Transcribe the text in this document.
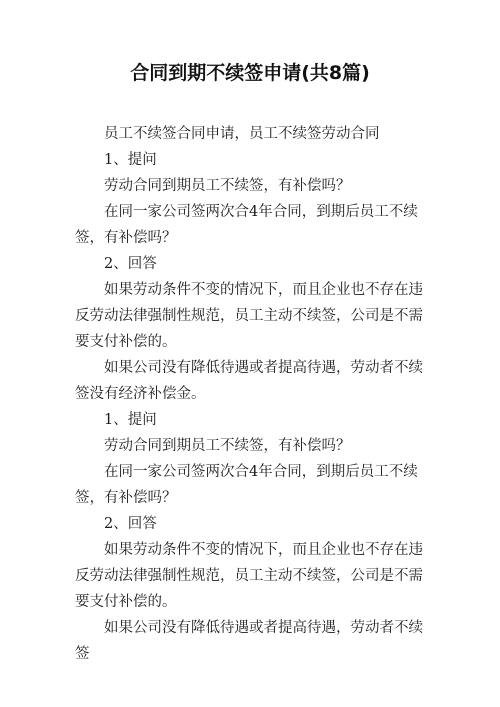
合同到期不续签申请(共8篇)

员工不续签合同申请，员工不续签劳动合同

1、提问

劳动合同到期员工不续签，有补偿吗？

在同一家公司签两次合4年合同，到期后员工不续签，有补偿吗？

2、回答

如果劳动条件不变的情况下，而且企业也不存在违反劳动法律强制性规范，员工主动不续签，公司是不需要支付补偿的。

如果公司没有降低待遇或者提高待遇，劳动者不续签没有经济补偿金。

1、提问

劳动合同到期员工不续签，有补偿吗？

在同一家公司签两次合4年合同，到期后员工不续签，有补偿吗？

2、回答

如果劳动条件不变的情况下，而且企业也不存在违反劳动法律强制性规范，员工主动不续签，公司是不需要支付补偿的。

如果公司没有降低待遇或者提高待遇，劳动者不续签
